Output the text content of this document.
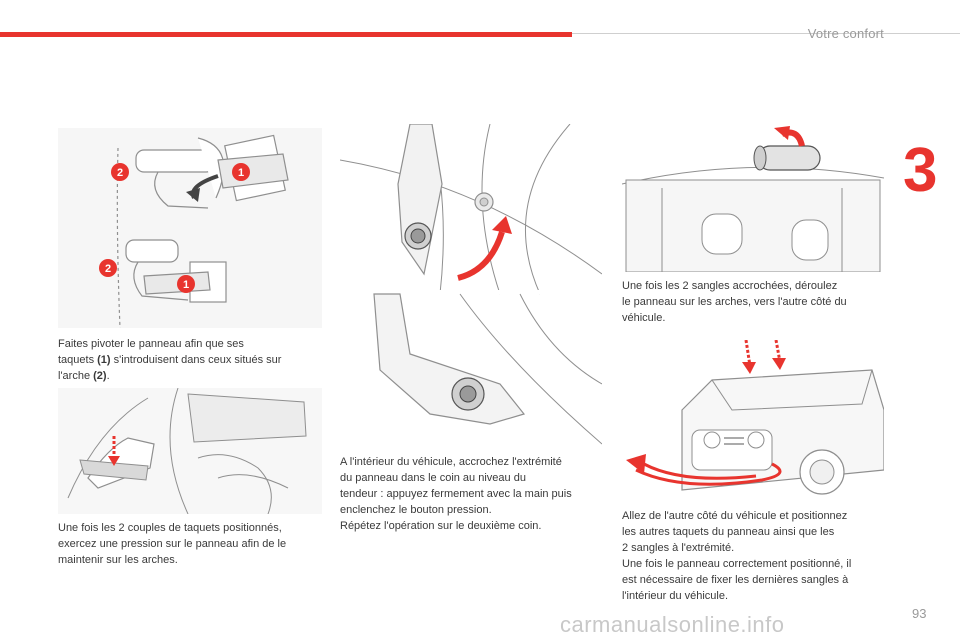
Votre confort
3
2	1
2
1

Faites pivoter le panneau afin que ses

taquets (1) s'introduisent dans ceux situés sur

l'arche (2).

Une fois les 2 couples de taquets positionnés,

exercez une pression sur le panneau afin de le

maintenir sur les arches.

A l'intérieur du véhicule, accrochez l'extrémité

du panneau dans le coin au niveau du

tendeur : appuyez fermement avec la main puis

enclenchez le bouton pression.

Répétez l'opération sur le deuxième coin.

Une fois les 2 sangles accrochées, déroulez

le panneau sur les arches, vers l'autre côté du

véhicule.

Allez de l'autre côté du véhicule et positionnez

les autres taquets du panneau ainsi que les

2 sangles à l'extrémité.

Une fois le panneau correctement positionné, il

est nécessaire de fixer les dernières sangles à

l'intérieur du véhicule.

carmanualsonline.info	93
